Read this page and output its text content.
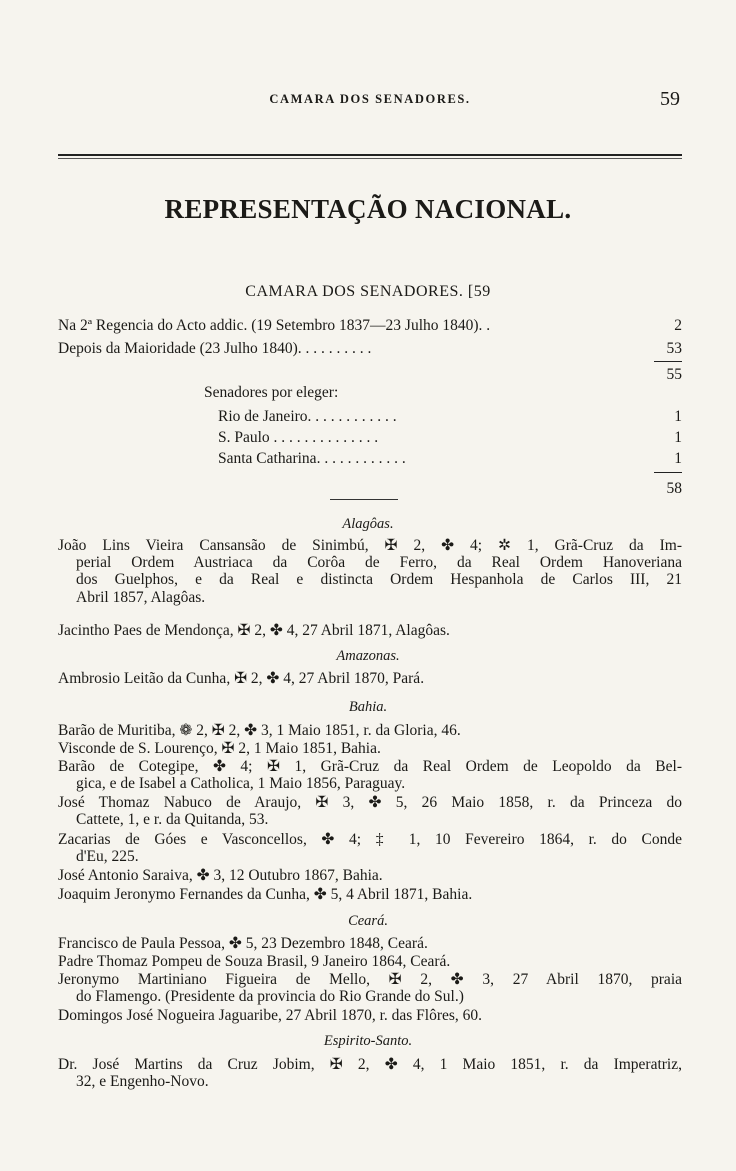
CAMARA DOS SENADORES.	59
REPRESENTAÇÃO NACIONAL.
CAMARA DOS SENADORES. [59
Na 2ª Regencia do Acto addic. (19 Setembro 1837—23 Julho 1840). .	2
Depois da Maioridade (23 Julho 1840). . . . . . . . . .	53
55
Senadores por eleger:
Rio de Janeiro. . . . . . . . . . . .	1
S. Paulo . . . . . . . . . . . . . .	1
Santa Catharina. . . . . . . . . . . .	1
58
Alagôas.
João Lins Vieira Cansansão de Sinimbú, ✠ 2, ✤ 4; ✲ 1, Grã-Cruz da Im-
perial Ordem Austriaca da Corôa de Ferro, da Real Ordem Hanoveriana
dos Guelphos, e da Real e distincta Ordem Hespanhola de Carlos III, 21
Abril 1857, Alagôas.
Jacintho Paes de Mendonça, ✠ 2, ✤ 4, 27 Abril 1871, Alagôas.
Amazonas.
Ambrosio Leitão da Cunha, ✠ 2, ✤ 4, 27 Abril 1870, Pará.
Bahia.
Barão de Muritiba, ❁ 2, ✠ 2, ✤ 3, 1 Maio 1851, r. da Gloria, 46.
Visconde de S. Lourenço, ✠ 2, 1 Maio 1851, Bahia.
Barão de Cotegipe, ✤ 4; ✠ 1, Grã-Cruz da Real Ordem de Leopoldo da Bel-
gica, e de Isabel a Catholica, 1 Maio 1856, Paraguay.
José Thomaz Nabuco de Araujo, ✠ 3, ✤ 5, 26 Maio 1858, r. da Princeza do
Cattete, 1, e r. da Quitanda, 53.
Zacarias de Góes e Vasconcellos, ✤ 4; ‡ 1, 10 Fevereiro 1864, r. do Conde
d'Eu, 225.
José Antonio Saraiva, ✤ 3, 12 Outubro 1867, Bahia.
Joaquim Jeronymo Fernandes da Cunha, ✤ 5, 4 Abril 1871, Bahia.
Ceará.
Francisco de Paula Pessoa, ✤ 5, 23 Dezembro 1848, Ceará.
Padre Thomaz Pompeu de Souza Brasil, 9 Janeiro 1864, Ceará.
Jeronymo Martiniano Figueira de Mello, ✠ 2, ✤ 3, 27 Abril 1870, praia
do Flamengo. (Presidente da provincia do Rio Grande do Sul.)
Domingos José Nogueira Jaguaribe, 27 Abril 1870, r. das Flôres, 60.
Espirito-Santo.
Dr. José Martins da Cruz Jobim, ✠ 2, ✤ 4, 1 Maio 1851, r. da Imperatriz,
32, e Engenho-Novo.
